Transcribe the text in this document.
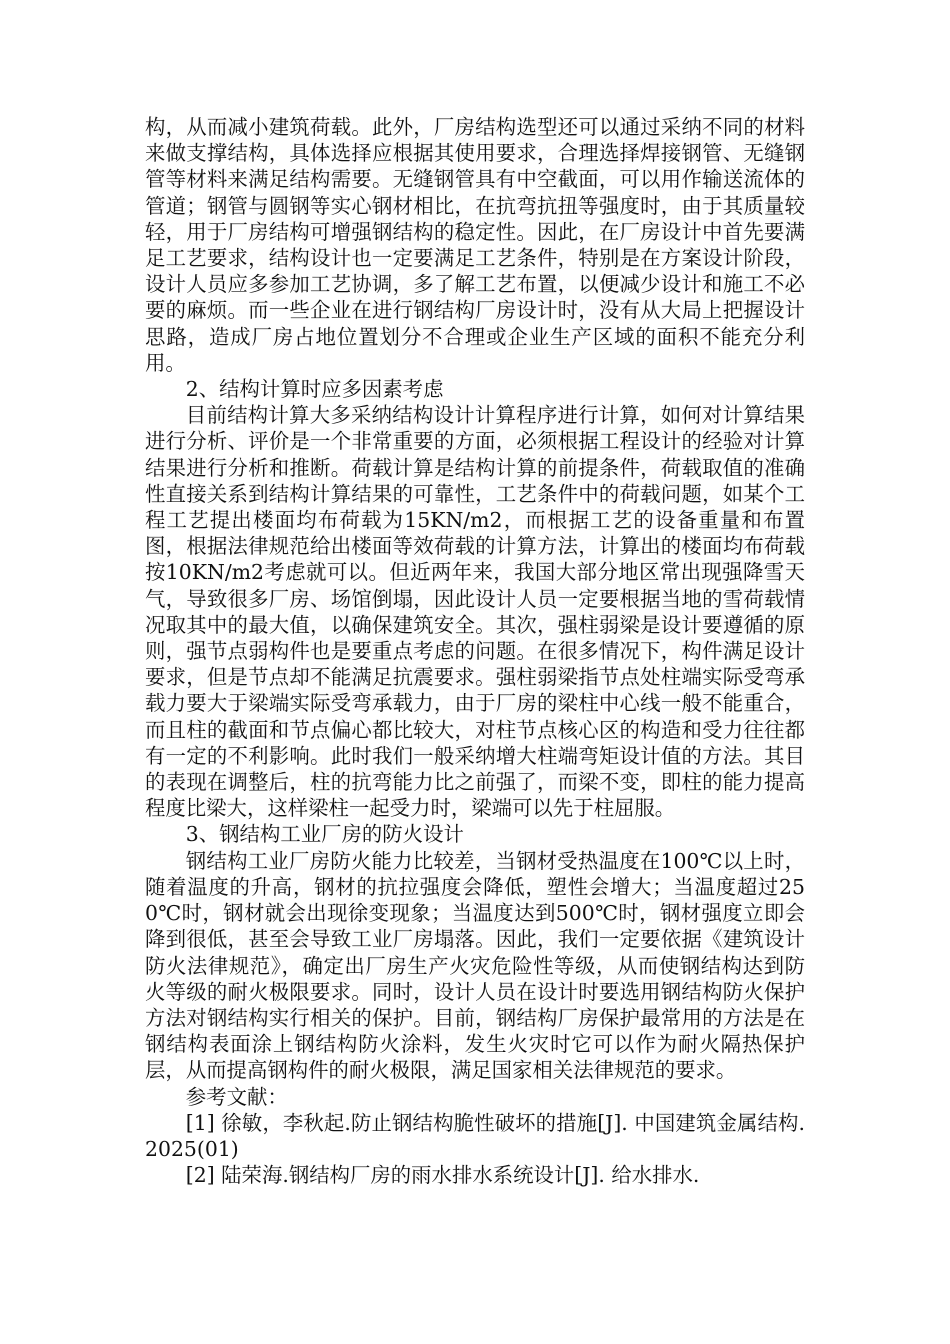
构，从而减小建筑荷载。此外，厂房结构选型还可以通过采纳不同的材料来做支撑结构，具体选择应根据其使用要求，合理选择焊接钢管、无缝钢管等材料来满足结构需要。无缝钢管具有中空截面，可以用作输送流体的管道；钢管与圆钢等实心钢材相比，在抗弯抗扭等强度时，由于其质量较轻，用于厂房结构可增强钢结构的稳定性。因此，在厂房设计中首先要满足工艺要求，结构设计也一定要满足工艺条件，特别是在方案设计阶段，设计人员应多参加工艺协调，多了解工艺布置，以便减少设计和施工不必要的麻烦。而一些企业在进行钢结构厂房设计时，没有从大局上把握设计思路，造成厂房占地位置划分不合理或企业生产区域的面积不能充分利用。

2、结构计算时应多因素考虑

目前结构计算大多采纳结构设计计算程序进行计算，如何对计算结果进行分析、评价是一个非常重要的方面，必须根据工程设计的经验对计算结果进行分析和推断。荷载计算是结构计算的前提条件，荷载取值的准确性直接关系到结构计算结果的可靠性，工艺条件中的荷载问题，如某个工程工艺提出楼面均布荷载为15KN/m2，而根据工艺的设备重量和布置图，根据法律规范给出楼面等效荷载的计算方法，计算出的楼面均布荷载按10KN/m2考虑就可以。但近两年来，我国大部分地区常出现强降雪天气，导致很多厂房、场馆倒塌，因此设计人员一定要根据当地的雪荷载情况取其中的最大值，以确保建筑安全。其次，强柱弱梁是设计要遵循的原则，强节点弱构件也是要重点考虑的问题。在很多情况下，构件满足设计要求，但是节点却不能满足抗震要求。强柱弱梁指节点处柱端实际受弯承载力要大于梁端实际受弯承载力，由于厂房的梁柱中心线一般不能重合，而且柱的截面和节点偏心都比较大，对柱节点核心区的构造和受力往往都有一定的不利影响。此时我们一般采纳增大柱端弯矩设计值的方法。其目的表现在调整后，柱的抗弯能力比之前强了，而梁不变，即柱的能力提高程度比梁大，这样梁柱一起受力时，梁端可以先于柱屈服。

3、钢结构工业厂房的防火设计

钢结构工业厂房防火能力比较差，当钢材受热温度在100℃以上时，随着温度的升高，钢材的抗拉强度会降低，塑性会增大；当温度超过250℃时，钢材就会出现徐变现象；当温度达到500℃时，钢材强度立即会降到很低，甚至会导致工业厂房塌落。因此，我们一定要依据《建筑设计防火法律规范》，确定出厂房生产火灾危险性等级，从而使钢结构达到防火等级的耐火极限要求。同时，设计人员在设计时要选用钢结构防火保护方法对钢结构实行相关的保护。目前，钢结构厂房保护最常用的方法是在钢结构表面涂上钢结构防火涂料，发生火灾时它可以作为耐火隔热保护层，从而提高钢构件的耐火极限，满足国家相关法律规范的要求。

参考文献：

[1] 徐敏，李秋起.防止钢结构脆性破坏的措施[J]. 中国建筑金属结构. 2025(01)

[2] 陆荣海.钢结构厂房的雨水排水系统设计[J]. 给水排水.
